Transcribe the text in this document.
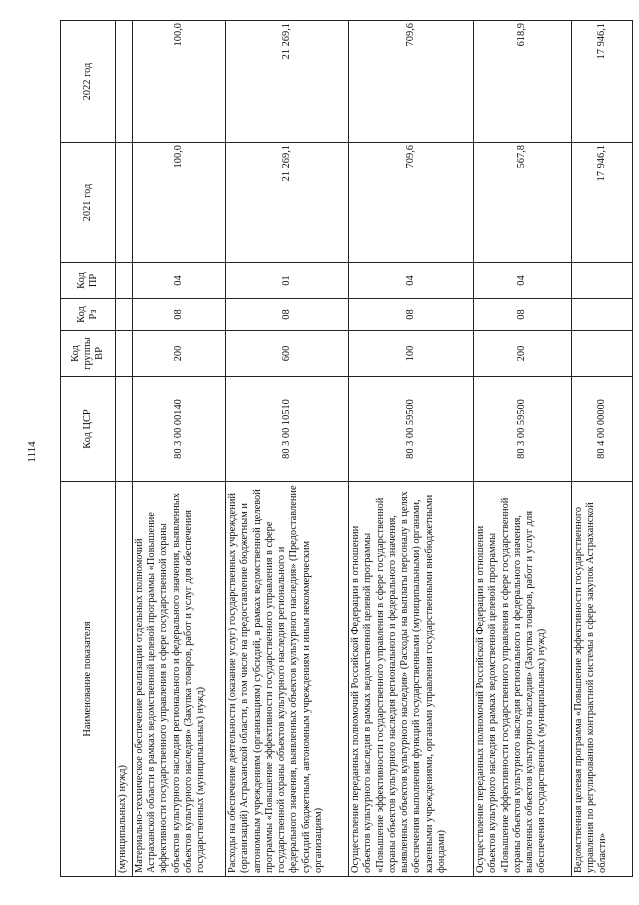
1114
Наименование показателя	Код ЦСР	Код группы ВР	Код Рз	Код ПР	2021 год	2022 год
(муниципальных) нужд)						
Материально-техническое обеспечение реализации отдельных полномочий Астраханской области в рамках ведомственной целевой программы «Повышение эффективности государственного управления в сфере государственной охраны объектов культурного наследия регионального и федерального значения, выявленных объектов культурного наследия» (Закупка товаров, работ и услуг для обеспечения государственных (муниципальных) нужд)	80 3 00 00140	200	08	04	100,0	100,0
Расходы на обеспечение деятельности (оказание услуг) государственных учреждений (организаций) Астраханской области, в том числе на предоставление бюджетным и автономным учреждениям (организациям) субсидий, в рамках ведомственной целевой программы «Повышение эффективности государственного управления в сфере государственной охраны объектов культурного наследия регионального и федерального значения, выявленных объектов культурного наследия» (Предоставление субсидий бюджетным, автономным учреждениям и иным некоммерческим организациям)	80 3 00 10510	600	08	01	21 269,1	21 269,1
Осуществление переданных полномочий Российской Федерации в отношении объектов культурного наследия в рамках ведомственной целевой программы «Повышение эффективности государственного управления в сфере государственной охраны объектов культурного наследия регионального и федерального значения, выявленных объектов культурного наследия» (Расходы на выплаты персоналу в целях обеспечения выполнения функций государственными (муниципальными) органами, казенными учреждениями, органами управления государственными внебюджетными фондами)	80 3 00 59500	100	08	04	709,6	709,6
Осуществление переданных полномочий Российской Федерации в отношении объектов культурного наследия в рамках ведомственной целевой программы «Повышение эффективности государственного управления в сфере государственной охраны объектов культурного наследия регионального и федерального значения, выявленных объектов культурного наследия» (Закупка товаров, работ и услуг для обеспечения государственных (муниципальных) нужд)	80 3 00 59500	200	08	04	567,8	618,9
Ведомственная целевая программа «Повышение эффективности государственного управления по регулированию контрактной системы в сфере закупок Астраханской области»	80 4 00 00000				17 946,1	17 946,1
